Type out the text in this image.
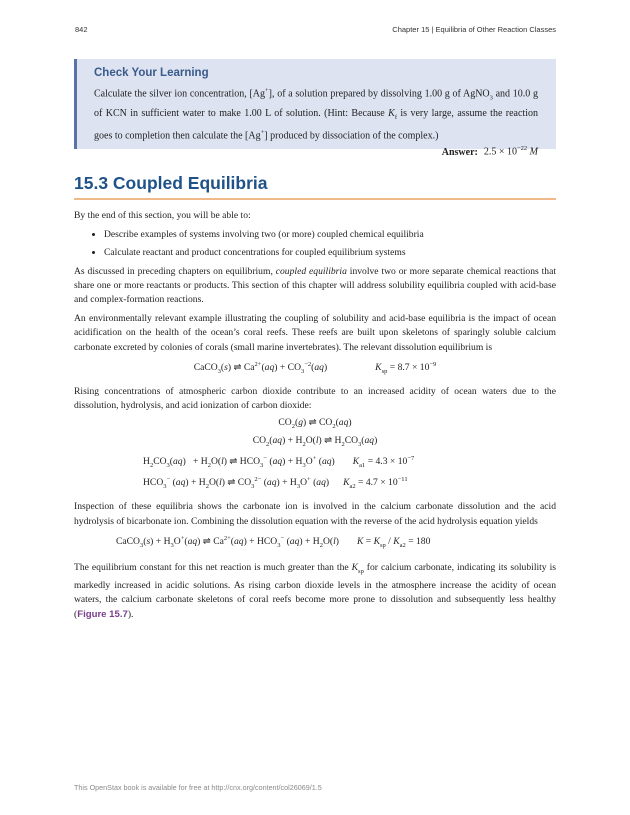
842	Chapter 15 | Equilibria of Other Reaction Classes
Check Your Learning
Calculate the silver ion concentration, [Ag+], of a solution prepared by dissolving 1.00 g of AgNO$_3$ and 10.0 g of KCN in sufficient water to make 1.00 L of solution. (Hint: Because $K_f$ is very large, assume the reaction goes to completion then calculate the [Ag+] produced by dissociation of the complex.)
Answer: $2.5 \times 10^{-22}$ M
15.3 Coupled Equilibria

By the end of this section, you will be able to:

• Describe examples of systems involving two (or more) coupled chemical equilibria
• Calculate reactant and product concentrations for coupled equilibrium systems

As discussed in preceding chapters on equilibrium, coupled equilibria involve two or more separate chemical reactions that share one or more reactants or products. This section of this chapter will address solubility equilibria coupled with acid-base and complex-formation reactions.

An environmentally relevant example illustrating the coupling of solubility and acid-base equilibria is the impact of ocean acidification on the health of the ocean’s coral reefs. These reefs are built upon skeletons of sparingly soluble calcium carbonate excreted by colonies of corals (small marine invertebrates). The relevant dissolution equilibrium is

CaCO$_3$(s) ⇌ $Ca^{2+}(aq) + CO_3^{-2}(aq)$	$K_{sp} = 8.7 \times 10^{-9}$

Rising concentrations of atmospheric carbon dioxide contribute to an increased acidity of ocean waters due to the dissolution, hydrolysis, and acid ionization of carbon dioxide:

$CO_2(g)$ ⇌ $CO_2(aq)$
$CO_2(aq) + H_2O(l)$ ⇌ $H_2CO_3(aq)$
$H_2CO_3(aq) + H_2O(l)$ ⇌ $HCO_3^-$ $(aq) + H_3O^+$ (aq) $K_{a1} = 4.3 \times 10^{-7}$
$HCO_3^-$ $(aq) + H_2O(l)$ ⇌ $CO_3^{2-}$ $(aq) + H_3O^+$ (aq) $K_{a2} = 4.7 \times 10^{-11}$

Inspection of these equilibria shows the carbonate ion is involved in the calcium carbonate dissolution and the acid hydrolysis of bicarbonate ion. Combining the dissolution equation with the reverse of the acid hydrolysis equation yields

CaCO$_3$(s) + $H_3O^+(aq)$ ⇌ $Ca^{2+}(aq) + HCO_3^-$ $(aq) + H_2O(l) K = K_{sp} / K_{a2} = 180$

The equilibrium constant for this net reaction is much greater than the $K_{sp}$ for calcium carbonate, indicating its solubility is markedly increased in acidic solutions. As rising carbon dioxide levels in the atmosphere increase the acidity of ocean waters, the calcium carbonate skeletons of coral reefs become more prone to dissolution and subsequently less healthy (Figure 15.7).

This OpenStax book is available for free at http://cnx.org/content/col26069/1.5
